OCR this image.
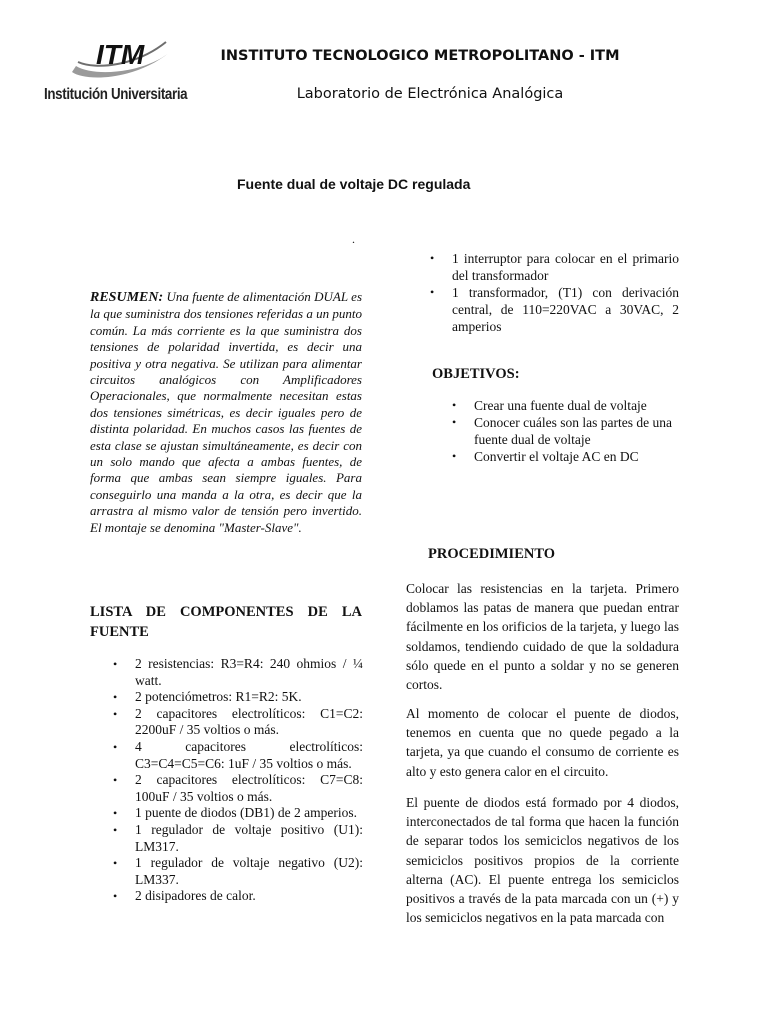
ITM
Institución Universitaria
INSTITUTO TECNOLOGICO METROPOLITANO - ITM
Laboratorio de Electrónica Analógica
Fuente dual de voltaje DC regulada
.
RESUMEN: Una fuente de alimentación DUAL es la que suministra dos tensiones referidas a un punto común. La más corriente es la que suministra dos tensiones de polaridad invertida, es decir una positiva y otra negativa. Se utilizan para alimentar circuitos analógicos con Amplificadores Operacionales, que normalmente necesitan estas dos tensiones simétricas, es decir iguales pero de distinta polaridad. En muchos casos las fuentes de esta clase se ajustan simultáneamente, es decir con un solo mando que afecta a ambas fuentes, de forma que ambas sean siempre iguales. Para conseguirlo una manda a la otra, es decir que la arrastra al mismo valor de tensión pero invertido. El montaje se denomina "Master-Slave".
LISTA DE COMPONENTES DE LA
FUENTE
• 2 resistencias: R3=R4: 240 ohmios / ¼ watt.
• 2 potenciómetros: R1=R2: 5K.
• 2 capacitores electrolíticos: C1=C2: 2200uF / 35 voltios o más.
• 4 capacitores electrolíticos: C3=C4=C5=C6: 1uF / 35 voltios o más.
• 2 capacitores electrolíticos: C7=C8: 100uF / 35 voltios o más.
• 1 puente de diodos (DB1) de 2 amperios.
• 1 regulador de voltaje positivo (U1): LM317.
• 1 regulador de voltaje negativo (U2): LM337.
• 2 disipadores de calor.
• 1 interruptor para colocar en el primario del transformador
• 1 transformador, (T1) con derivación central, de 110=220VAC a 30VAC, 2 amperios
OBJETIVOS:
• Crear una fuente dual de voltaje
• Conocer cuáles son las partes de una fuente dual de voltaje
• Convertir el voltaje AC en DC
PROCEDIMIENTO
Colocar las resistencias en la tarjeta. Primero doblamos las patas de manera que puedan entrar fácilmente en los orificios de la tarjeta, y luego las soldamos, tendiendo cuidado de que la soldadura sólo quede en el punto a soldar y no se generen cortos.
Al momento de colocar el puente de diodos, tenemos en cuenta que no quede pegado a la tarjeta, ya que cuando el consumo de corriente es alto y esto genera calor en el circuito.
El puente de diodos está formado por 4 diodos, interconectados de tal forma que hacen la función de separar todos los semiciclos negativos de los semiciclos positivos propios de la corriente alterna (AC). El puente entrega los semiciclos positivos a través de la pata marcada con un (+) y los semiciclos negativos en la pata marcada con
